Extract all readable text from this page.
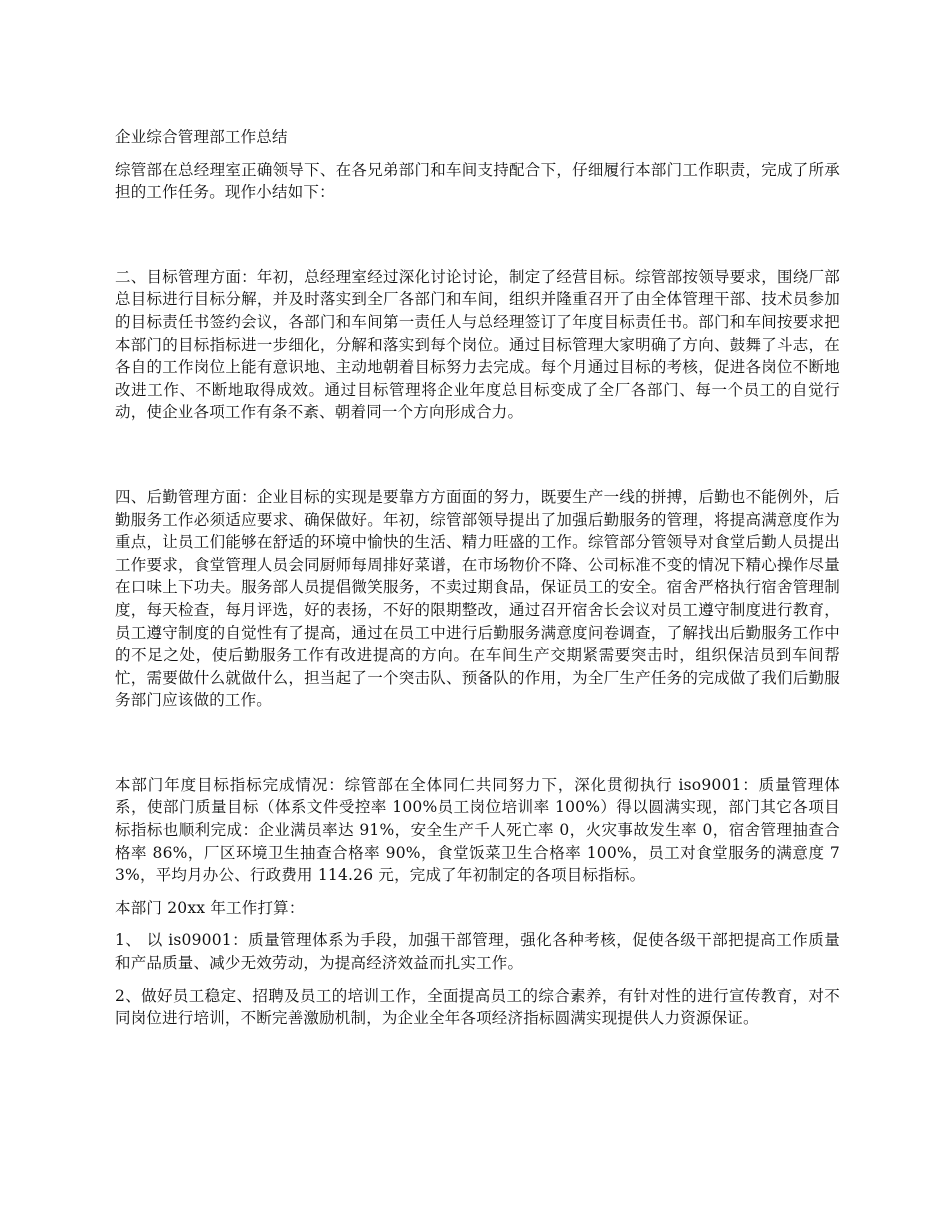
企业综合管理部工作总结

综管部在总经理室正确领导下、在各兄弟部门和车间支持配合下，仔细履行本部门工作职责，完成了所承担的工作任务。现作小结如下：

二、目标管理方面：年初，总经理室经过深化讨论讨论，制定了经营目标。综管部按领导要求，围绕厂部总目标进行目标分解，并及时落实到全厂各部门和车间，组织并隆重召开了由全体管理干部、技术员参加的目标责任书签约会议，各部门和车间第一责任人与总经理签订了年度目标责任书。部门和车间按要求把本部门的目标指标进一步细化，分解和落实到每个岗位。通过目标管理大家明确了方向、鼓舞了斗志，在各自的工作岗位上能有意识地、主动地朝着目标努力去完成。每个月通过目标的考核，促进各岗位不断地改进工作、不断地取得成效。通过目标管理将企业年度总目标变成了全厂各部门、每一个员工的自觉行动，使企业各项工作有条不紊、朝着同一个方向形成合力。

四、后勤管理方面：企业目标的实现是要靠方方面面的努力，既要生产一线的拼搏，后勤也不能例外，后勤服务工作必须适应要求、确保做好。年初，综管部领导提出了加强后勤服务的管理，将提高满意度作为重点，让员工们能够在舒适的环境中愉快的生活、精力旺盛的工作。综管部分管领导对食堂后勤人员提出工作要求，食堂管理人员会同厨师每周排好菜谱，在市场物价不降、公司标准不变的情况下精心操作尽量在口味上下功夫。服务部人员提倡微笑服务，不卖过期食品，保证员工的安全。宿舍严格执行宿舍管理制度，每天检查，每月评选，好的表扬，不好的限期整改，通过召开宿舍长会议对员工遵守制度进行教育，员工遵守制度的自觉性有了提高，通过在员工中进行后勤服务满意度问卷调查，了解找出后勤服务工作中的不足之处，使后勤服务工作有改进提高的方向。在车间生产交期紧需要突击时，组织保洁员到车间帮忙，需要做什么就做什么，担当起了一个突击队、预备队的作用，为全厂生产任务的完成做了我们后勤服务部门应该做的工作。

本部门年度目标指标完成情况：综管部在全体同仁共同努力下，深化贯彻执行 iso9001：质量管理体系，使部门质量目标（体系文件受控率 100%员工岗位培训率 100%）得以圆满实现，部门其它各项目标指标也顺利完成：企业满员率达 91%，安全生产千人死亡率 0，火灾事故发生率 0，宿舍管理抽查合格率 86%，厂区环境卫生抽查合格率 90%，食堂饭菜卫生合格率 100%，员工对食堂服务的满意度 73%，平均月办公、行政费用 114.26 元，完成了年初制定的各项目标指标。

本部门 20xx 年工作打算：

1、 以 is09001：质量管理体系为手段，加强干部管理，强化各种考核，促使各级干部把提高工作质量和产品质量、减少无效劳动，为提高经济效益而扎实工作。

2、做好员工稳定、招聘及员工的培训工作，全面提高员工的综合素养，有针对性的进行宣传教育，对不同岗位进行培训，不断完善激励机制，为企业全年各项经济指标圆满实现提供人力资源保证。
